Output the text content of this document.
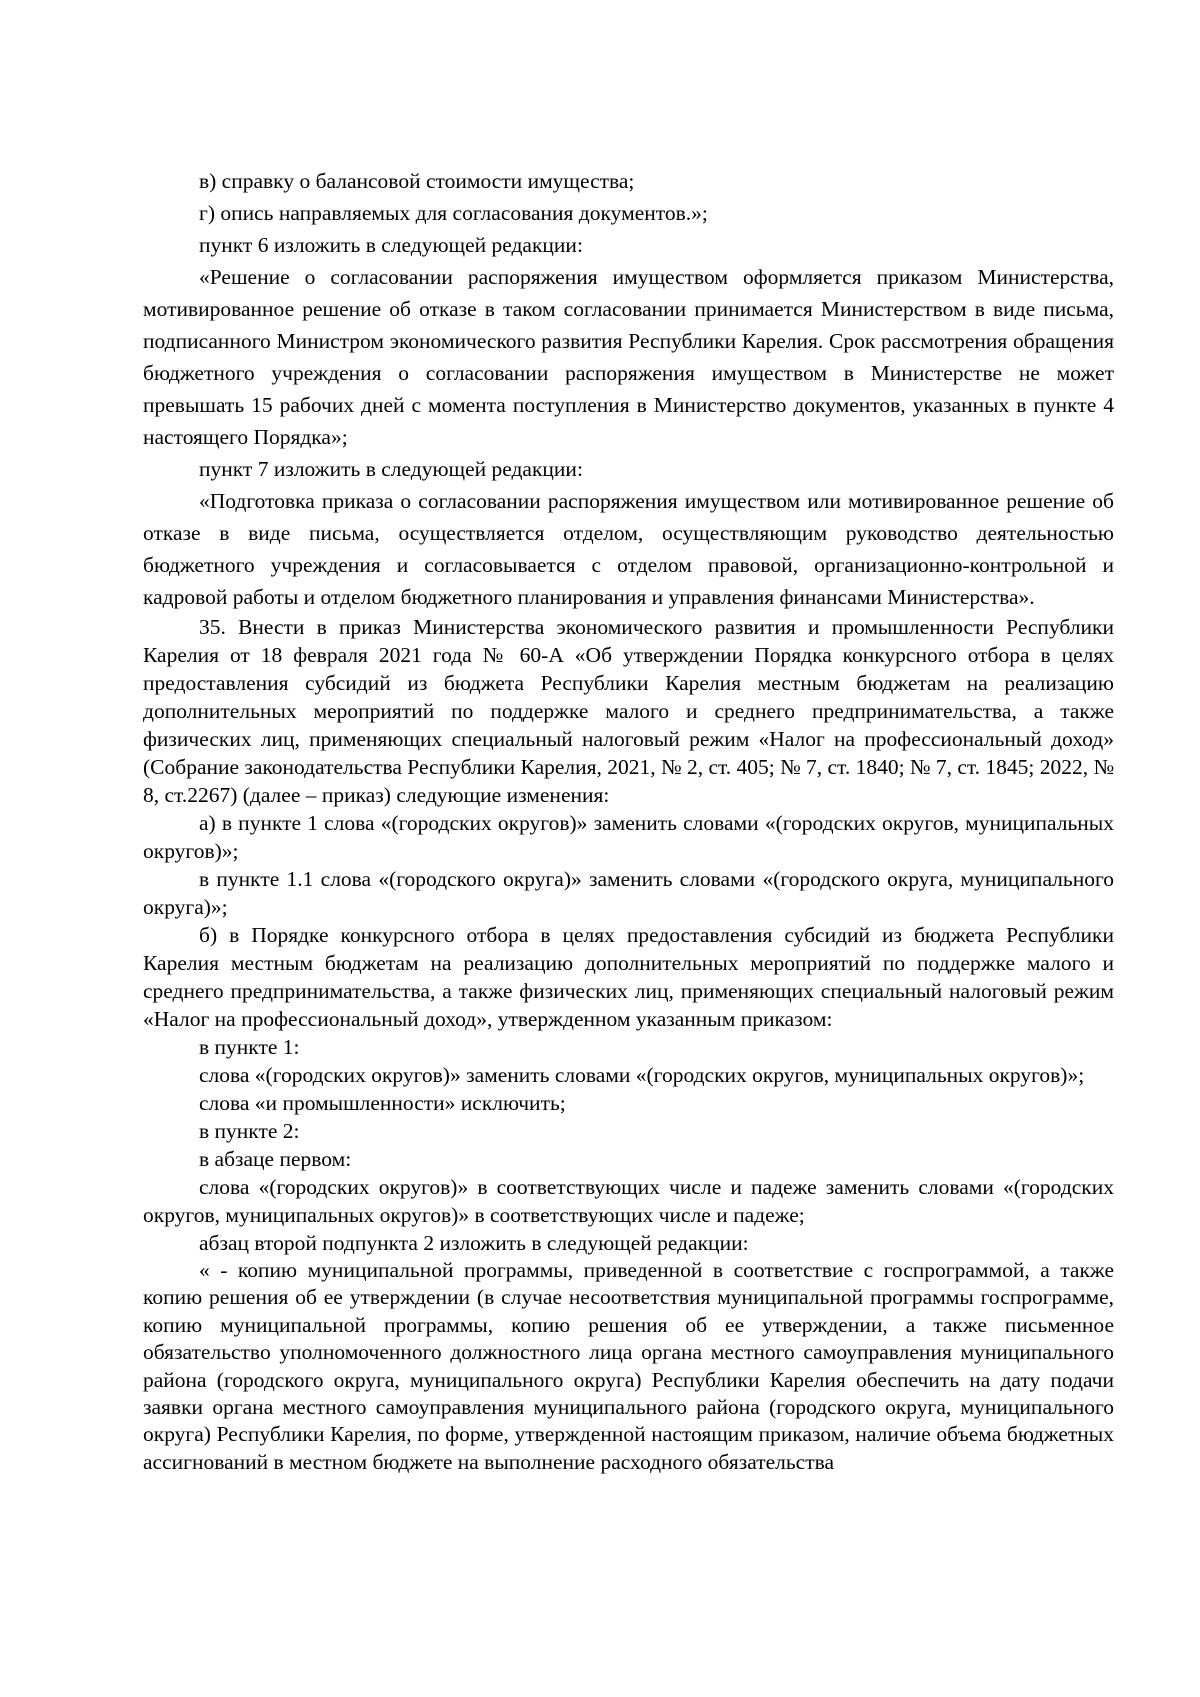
в) справку о балансовой стоимости имущества;

г) опись направляемых для согласования документов.»;

пункт 6 изложить в следующей редакции:

«Решение о согласовании распоряжения имуществом оформляется приказом Министерства, мотивированное решение об отказе в таком согласовании принимается Министерством в виде письма, подписанного Министром экономического развития Республики Карелия. Срок рассмотрения обращения бюджетного учреждения о согласовании распоряжения имуществом в Министерстве не может превышать 15 рабочих дней с момента поступления в Министерство документов, указанных в пункте 4 настоящего Порядка»;

пункт 7 изложить в следующей редакции:

«Подготовка приказа о согласовании распоряжения имуществом или мотивированное решение об отказе в виде письма, осуществляется отделом, осуществляющим руководство деятельностью бюджетного учреждения и согласовывается с отделом правовой, организационно-контрольной и кадровой работы и отделом бюджетного планирования и управления финансами Министерства».

35. Внести в приказ Министерства экономического развития и промышленности Республики Карелия от 18 февраля 2021 года № 60-А «Об утверждении Порядка конкурсного отбора в целях предоставления субсидий из бюджета Республики Карелия местным бюджетам на реализацию дополнительных мероприятий по поддержке малого и среднего предпринимательства, а также физических лиц, применяющих специальный налоговый режим «Налог на профессиональный доход» (Собрание законодательства Республики Карелия, 2021, № 2, ст. 405; № 7, ст. 1840; № 7, ст. 1845; 2022, № 8, ст.2267) (далее – приказ) следующие изменения:

а) в пункте 1 слова «(городских округов)» заменить словами «(городских округов, муниципальных округов)»;

в пункте 1.1 слова «(городского округа)» заменить словами «(городского округа, муниципального округа)»;

б) в Порядке конкурсного отбора в целях предоставления субсидий из бюджета Республики Карелия местным бюджетам на реализацию дополнительных мероприятий по поддержке малого и среднего предпринимательства, а также физических лиц, применяющих специальный налоговый режим «Налог на профессиональный доход», утвержденном указанным приказом:

в пункте 1:

слова «(городских округов)» заменить словами «(городских округов, муниципальных округов)»;

слова «и промышленности» исключить;

в пункте 2:

в абзаце первом:

слова «(городских округов)» в соответствующих числе и падеже заменить словами «(городских округов, муниципальных округов)» в соответствующих числе и падеже;

абзац второй подпункта 2 изложить в следующей редакции:

« - копию муниципальной программы, приведенной в соответствие с госпрограммой, а также копию решения об ее утверждении (в случае несоответствия муниципальной программы госпрограмме, копию муниципальной программы, копию решения об ее утверждении, а также письменное обязательство уполномоченного должностного лица органа местного самоуправления муниципального района (городского округа, муниципального округа) Республики Карелия обеспечить на дату подачи заявки органа местного самоуправления муниципального района (городского округа, муниципального округа) Республики Карелия, по форме, утвержденной настоящим приказом, наличие объема бюджетных ассигнований в местном бюджете на выполнение расходного обязательства
